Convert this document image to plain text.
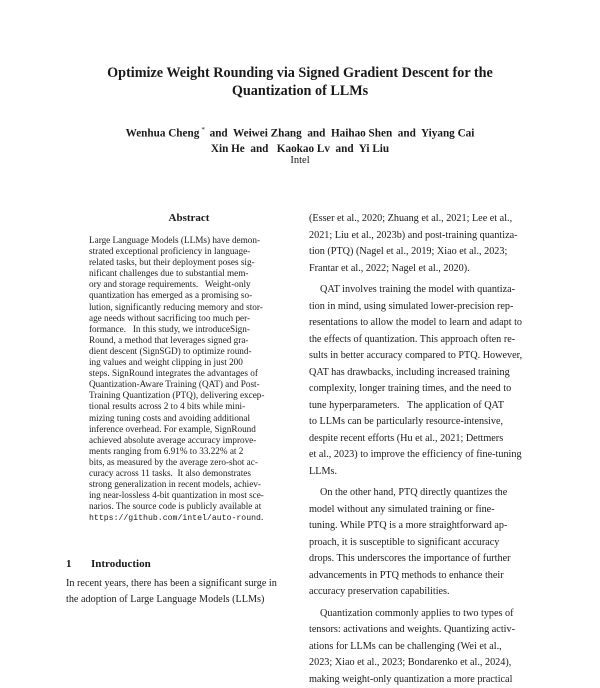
Optimize Weight Rounding via Signed Gradient Descent for the
Quantization of LLMs
Wenhua Cheng * and  Weiwei Zhang  and  Haihao Shen  and  Yiyang Cai
Xin He  and   Kaokao Lv  and  Yi Liu
Intel
Abstract
Large Language Models (LLMs) have demon-
strated exceptional proficiency in language-
related tasks, but their deployment poses sig-
nificant challenges due to substantial mem-
ory and storage requirements.   Weight-only
quantization has emerged as a promising so-
lution, significantly reducing memory and stor-
age needs without sacrificing too much per-
formance.   In this study, we introduceSign-
Round, a method that leverages signed gra-
dient descent (SignSGD) to optimize round-
ing values and weight clipping in just 200
steps. SignRound integrates the advantages of
Quantization-Aware Training (QAT) and Post-
Training Quantization (PTQ), delivering excep-
tional results across 2 to 4 bits while mini-
mizing tuning costs and avoiding additional
inference overhead. For example, SignRound
achieved absolute average accuracy improve-
ments ranging from 6.91% to 33.22% at 2
bits, as measured by the average zero-shot ac-
curacy across 11 tasks.  It also demonstrates
strong generalization in recent models, achiev-
ing near-lossless 4-bit quantization in most sce-
narios. The source code is publicly available at
https://github.com/intel/auto-round.
1 Introduction
In recent years, there has been a significant surge in
the adoption of Large Language Models (LLMs)
(Esser et al., 2020; Zhuang et al., 2021; Lee et al.,
2021; Liu et al., 2023b) and post-training quantiza-
tion (PTQ) (Nagel et al., 2019; Xiao et al., 2023;
Frantar et al., 2022; Nagel et al., 2020).
QAT involves training the model with quantiza-
tion in mind, using simulated lower-precision rep-
resentations to allow the model to learn and adapt to
the effects of quantization. This approach often re-
sults in better accuracy compared to PTQ. However,
QAT has drawbacks, including increased training
complexity, longer training times, and the need to
tune hyperparameters.   The application of QAT
to LLMs can be particularly resource-intensive,
despite recent efforts (Hu et al., 2021; Dettmers
et al., 2023) to improve the efficiency of fine-tuning
LLMs.
On the other hand, PTQ directly quantizes the
model without any simulated training or fine-
tuning. While PTQ is a more straightforward ap-
proach, it is susceptible to significant accuracy
drops. This underscores the importance of further
advancements in PTQ methods to enhance their
accuracy preservation capabilities.
Quantization commonly applies to two types of
tensors: activations and weights. Quantizing activ-
ations for LLMs can be challenging (Wei et al.,
2023; Xiao et al., 2023; Bondarenko et al., 2024),
making weight-only quantization a more practical
